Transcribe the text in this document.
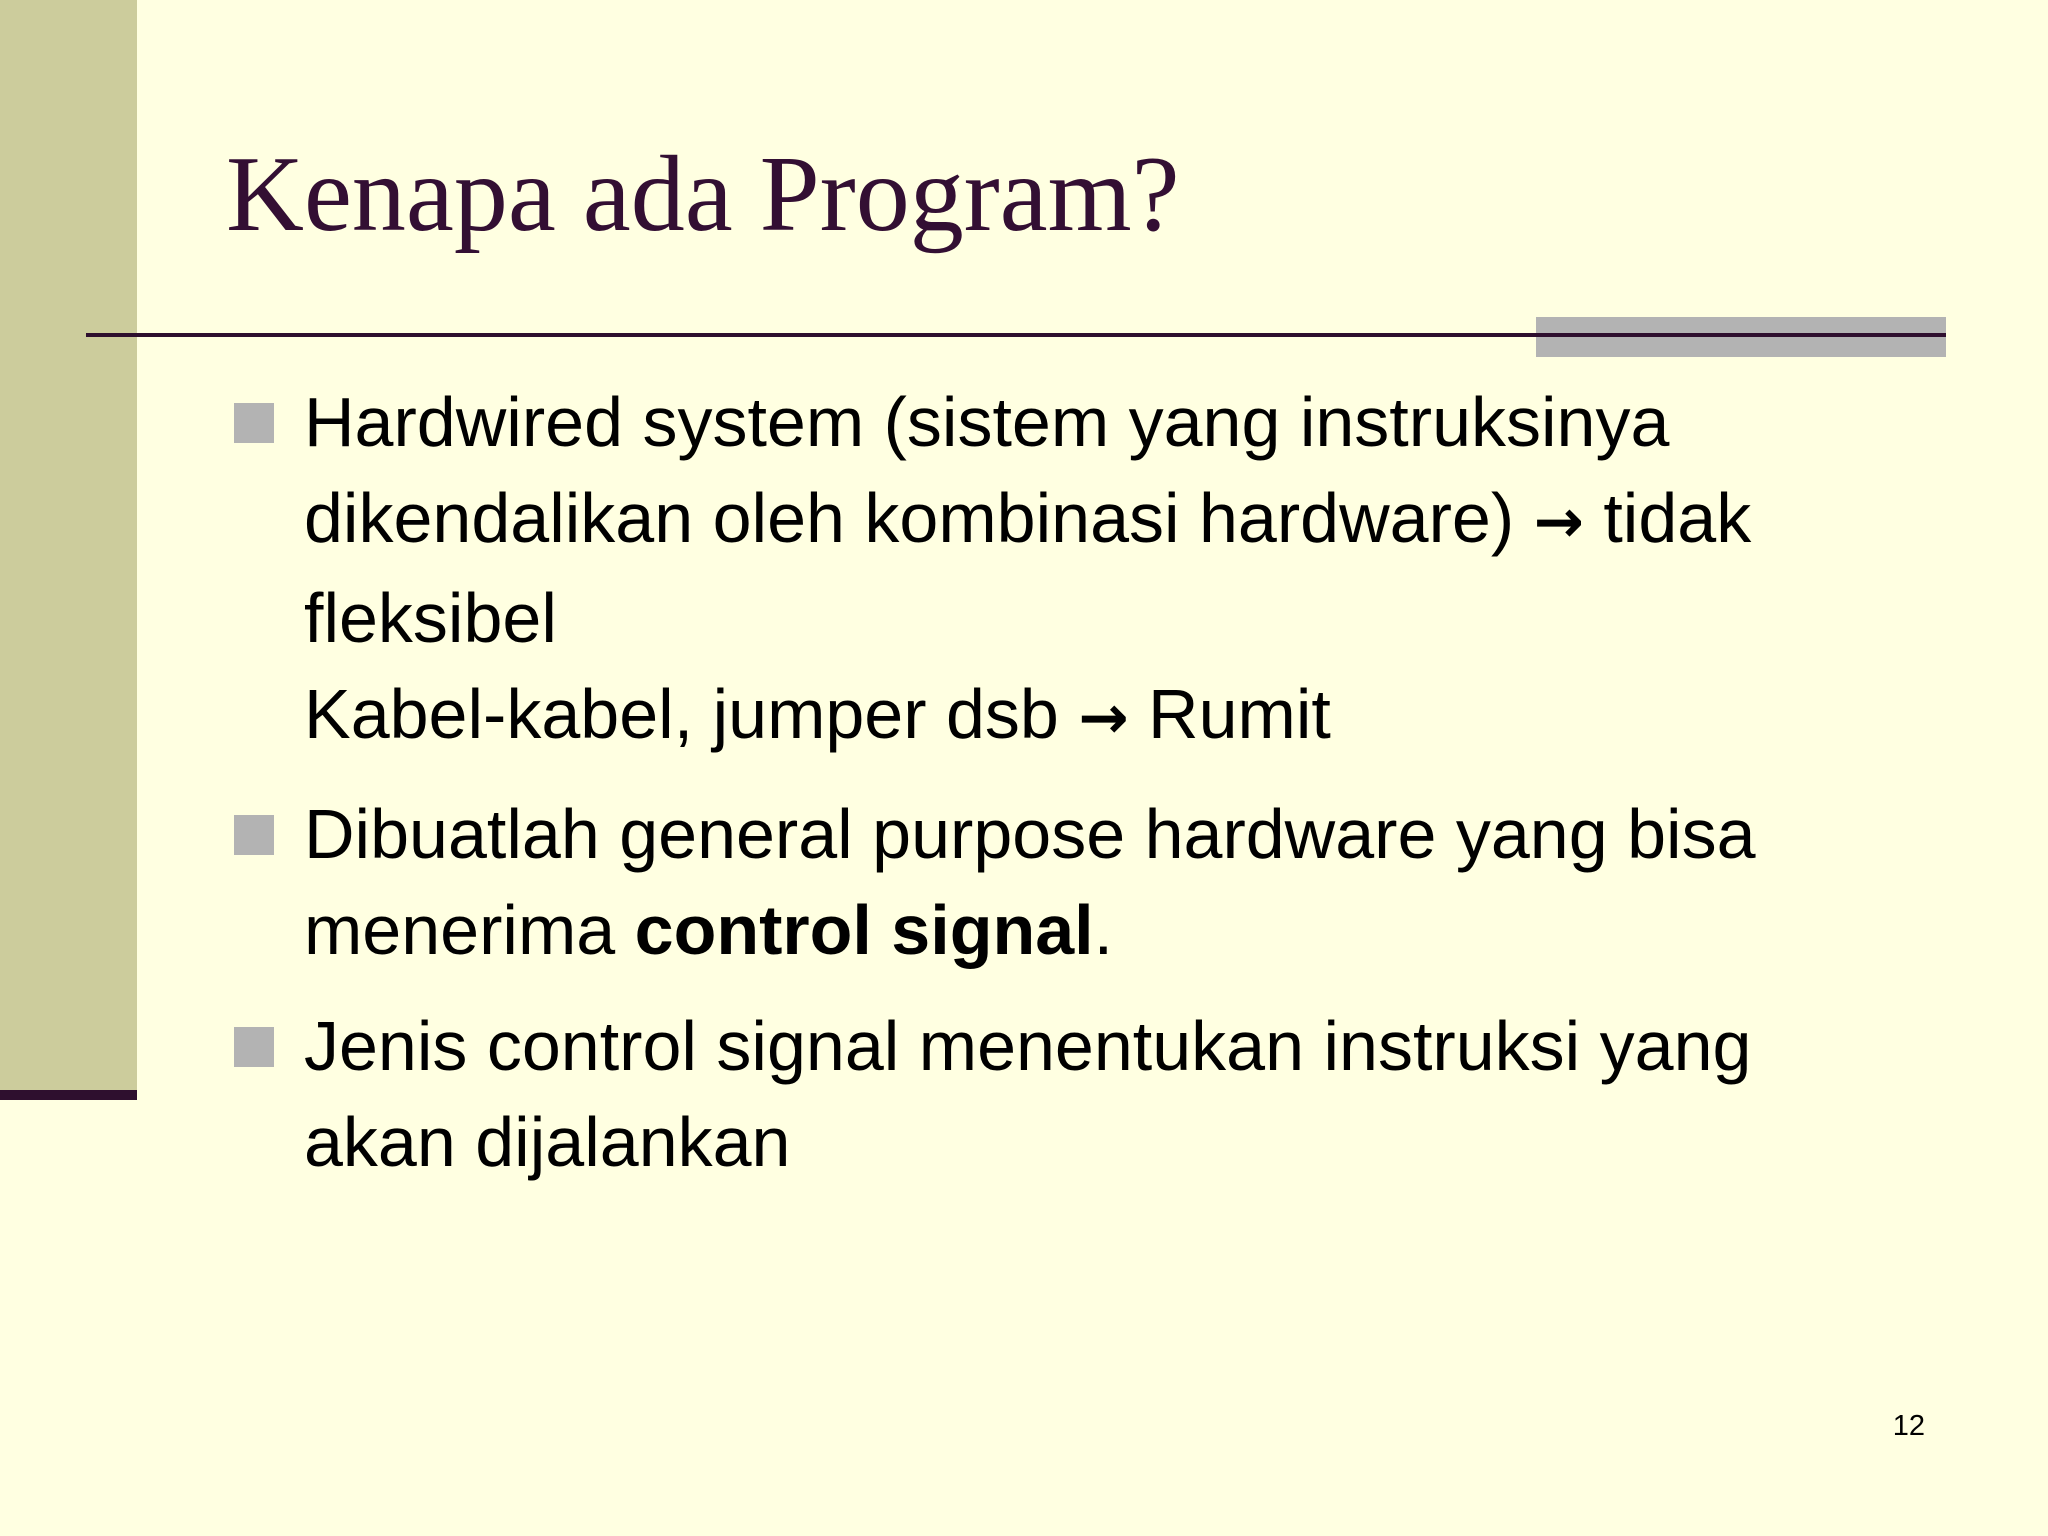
Kenapa ada Program?

Hardwired system (sistem yang instruksinya dikendalikan oleh kombinasi hardware) → tidak fleksibel

Kabel-kabel, jumper dsb → Rumit

Dibuatlah general purpose hardware yang bisa menerima control signal.

Jenis control signal menentukan instruksi yang akan dijalankan

12
